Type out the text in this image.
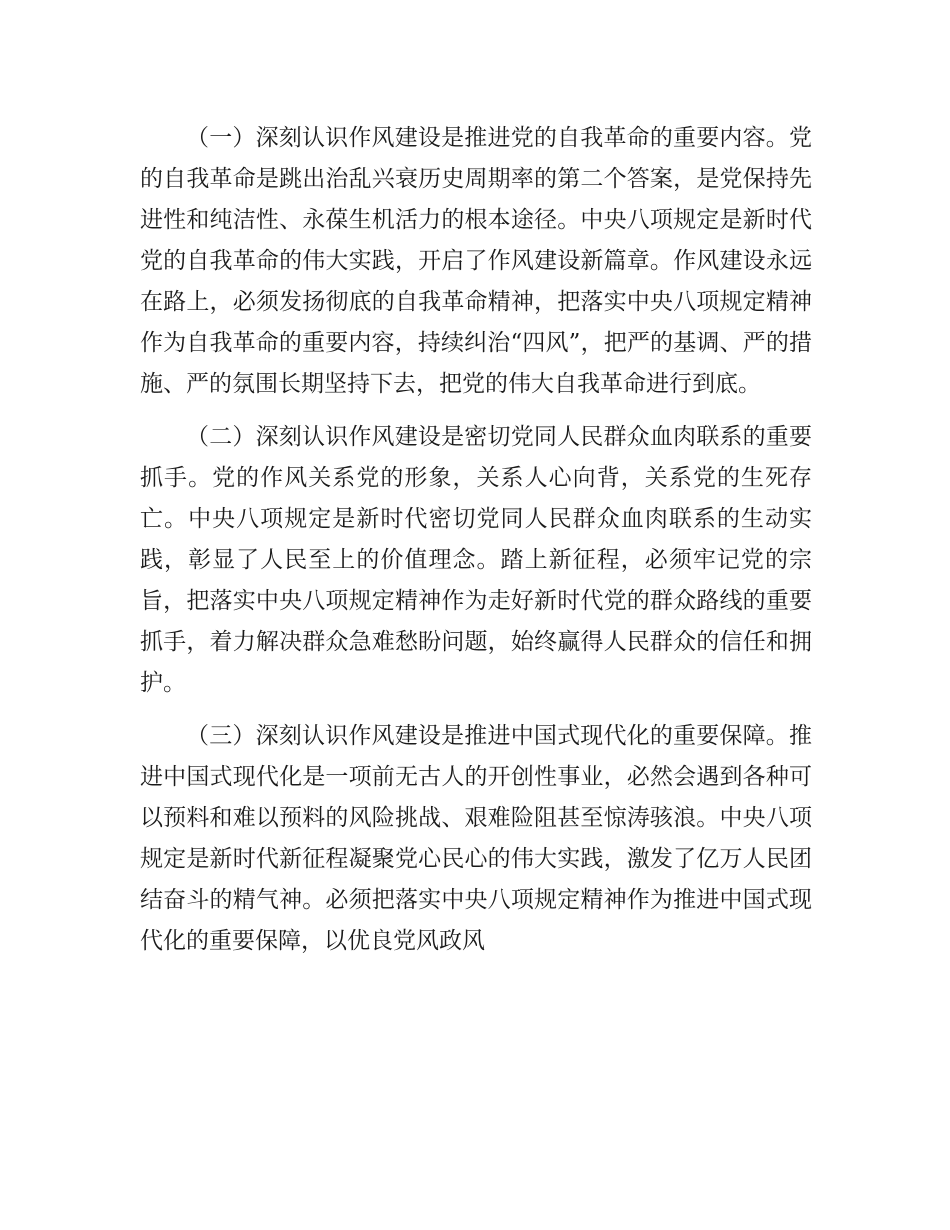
（一）深刻认识作风建设是推进党的自我革命的重要内容。党的自我革命是跳出治乱兴衰历史周期率的第二个答案，是党保持先进性和纯洁性、永葆生机活力的根本途径。中央八项规定是新时代党的自我革命的伟大实践，开启了作风建设新篇章。作风建设永远在路上，必须发扬彻底的自我革命精神，把落实中央八项规定精神作为自我革命的重要内容，持续纠治“四风”，把严的基调、严的措施、严的氛围长期坚持下去，把党的伟大自我革命进行到底。

（二）深刻认识作风建设是密切党同人民群众血肉联系的重要抓手。党的作风关系党的形象，关系人心向背，关系党的生死存亡。中央八项规定是新时代密切党同人民群众血肉联系的生动实践，彰显了人民至上的价值理念。踏上新征程，必须牢记党的宗旨，把落实中央八项规定精神作为走好新时代党的群众路线的重要抓手，着力解决群众急难愁盼问题，始终赢得人民群众的信任和拥护。

（三）深刻认识作风建设是推进中国式现代化的重要保障。推进中国式现代化是一项前无古人的开创性事业，必然会遇到各种可以预料和难以预料的风险挑战、艰难险阻甚至惊涛骇浪。中央八项规定是新时代新征程凝聚党心民心的伟大实践，激发了亿万人民团结奋斗的精气神。必须把落实中央八项规定精神作为推进中国式现代化的重要保障，以优良党风政风
